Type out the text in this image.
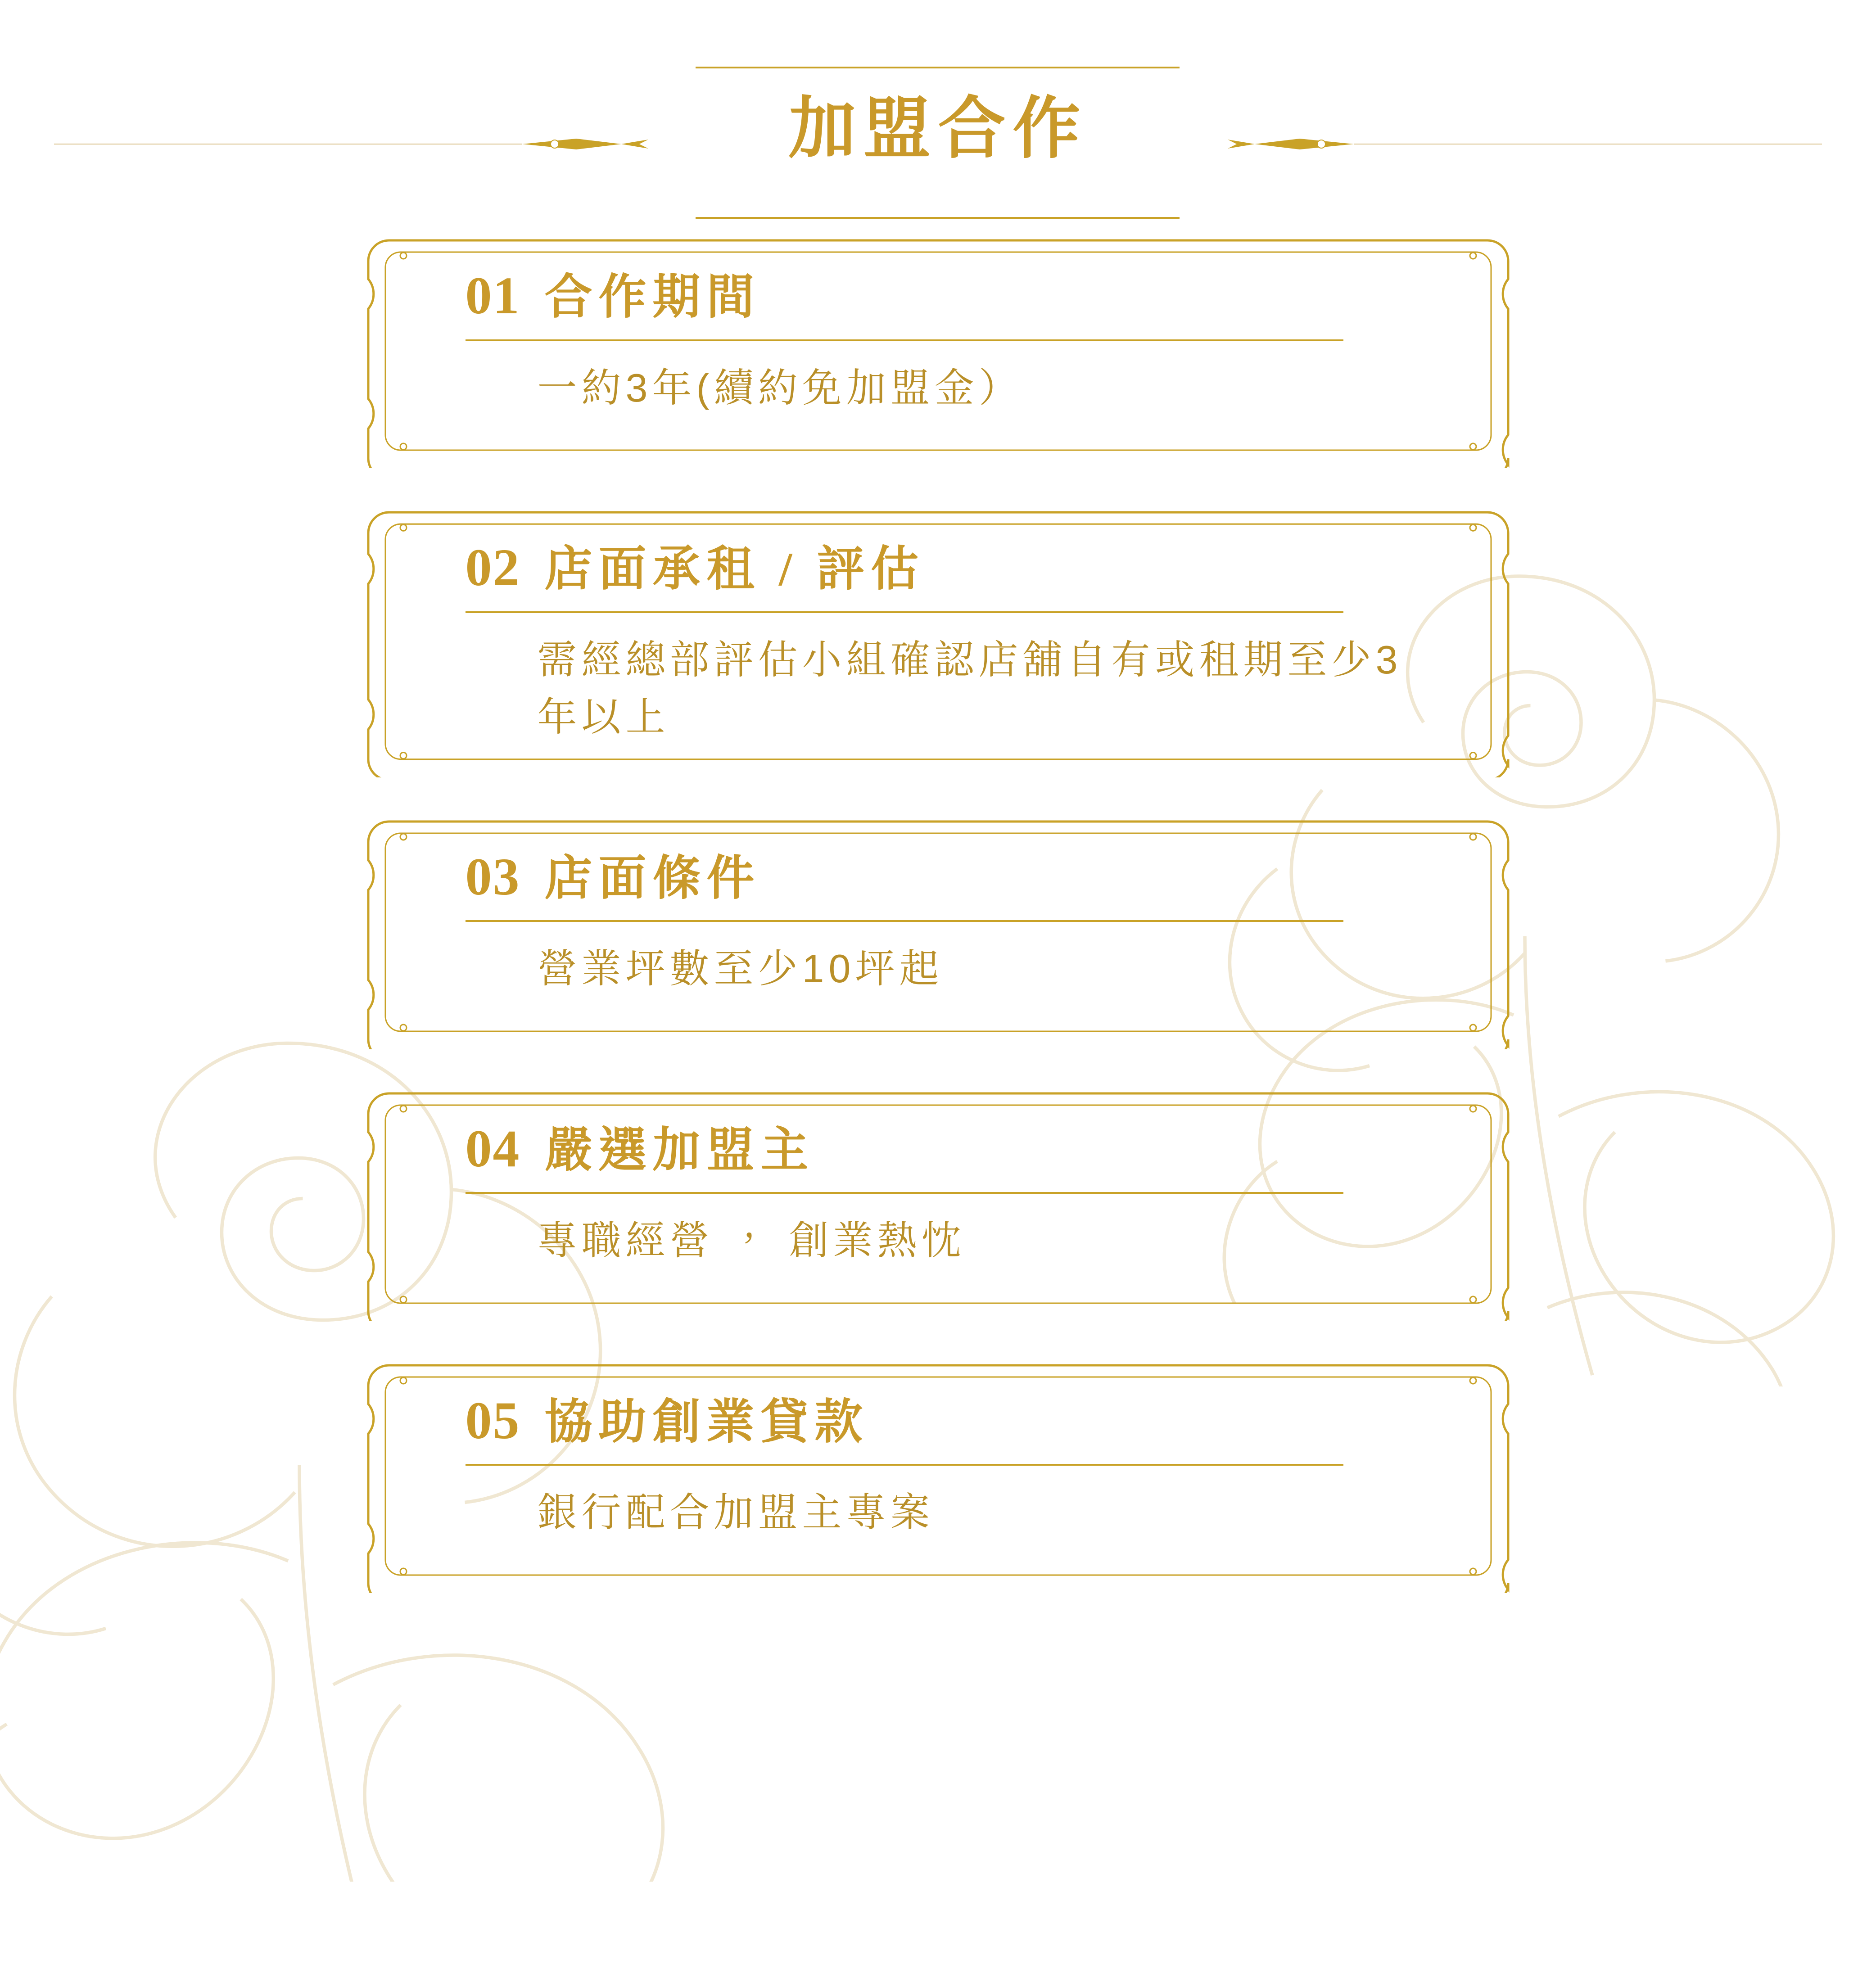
加盟合作
01 合作期間
一約3年(續約免加盟金）
02 店面承租 / 評估
需經總部評估小組確認店舖自有或租期至少3年以上
03 店面條件
營業坪數至少10坪起
04 嚴選加盟主
專職經營 ， 創業熱忱
05 協助創業貸款
銀行配合加盟主專案
